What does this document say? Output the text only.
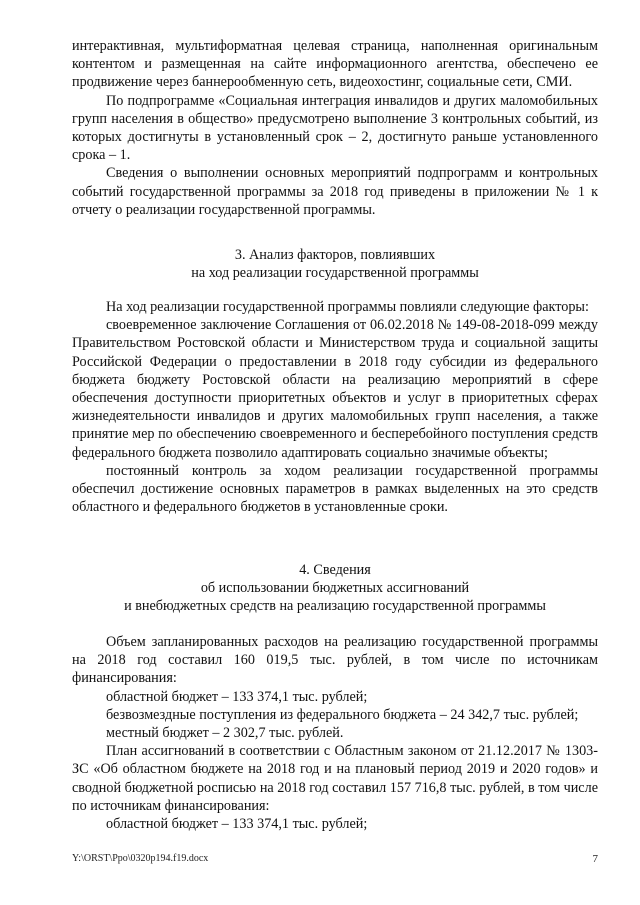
интерактивная, мультиформатная целевая страница, наполненная оригинальным контентом и размещенная на сайте информационного агентства, обеспечено ее продвижение через баннерообменную сеть, видеохостинг, социальные сети, СМИ.

По подпрограмме «Социальная интеграция инвалидов и других маломобильных групп населения в общество» предусмотрено выполнение 3 контрольных событий, из которых достигнуты в установленный срок – 2, достигнуто раньше установленного срока – 1.

Сведения о выполнении основных мероприятий подпрограмм и контрольных событий государственной программы за 2018 год приведены в приложении № 1 к отчету о реализации государственной программы.

3. Анализ факторов, повлиявших

на ход реализации государственной программы

На ход реализации государственной программы повлияли следующие факторы:

своевременное заключение Соглашения от 06.02.2018 № 149-08-2018-099 между Правительством Ростовской области и Министерством труда и социальной защиты Российской Федерации о предоставлении в 2018 году субсидии из федерального бюджета бюджету Ростовской области на реализацию мероприятий в сфере обеспечения доступности приоритетных объектов и услуг в приоритетных сферах жизнедеятельности инвалидов и других маломобильных групп населения, а также принятие мер по обеспечению своевременного и бесперебойного поступления средств федерального бюджета позволило адаптировать социально значимые объекты;

постоянный контроль за ходом реализации государственной программы обеспечил достижение основных параметров в рамках выделенных на это средств областного и федерального бюджетов в установленные сроки.

4. Сведения

об использовании бюджетных ассигнований

и внебюджетных средств на реализацию государственной программы

Объем запланированных расходов на реализацию государственной программы на 2018 год составил 160 019,5 тыс. рублей, в том числе по источникам финансирования:

областной бюджет – 133 374,1 тыс. рублей;

безвозмездные поступления из федерального бюджета – 24 342,7 тыс. рублей;

местный бюджет – 2 302,7 тыс. рублей.

План ассигнований в соответствии с Областным законом от 21.12.2017 № 1303-ЗС «Об областном бюджете на 2018 год и на плановый период 2019 и 2020 годов» и сводной бюджетной росписью на 2018 год составил 157 716,8 тыс. рублей, в том числе по источникам финансирования:

областной бюджет – 133 374,1 тыс. рублей;

Y:\ORST\Ppo\0320p194.f19.docx	7
